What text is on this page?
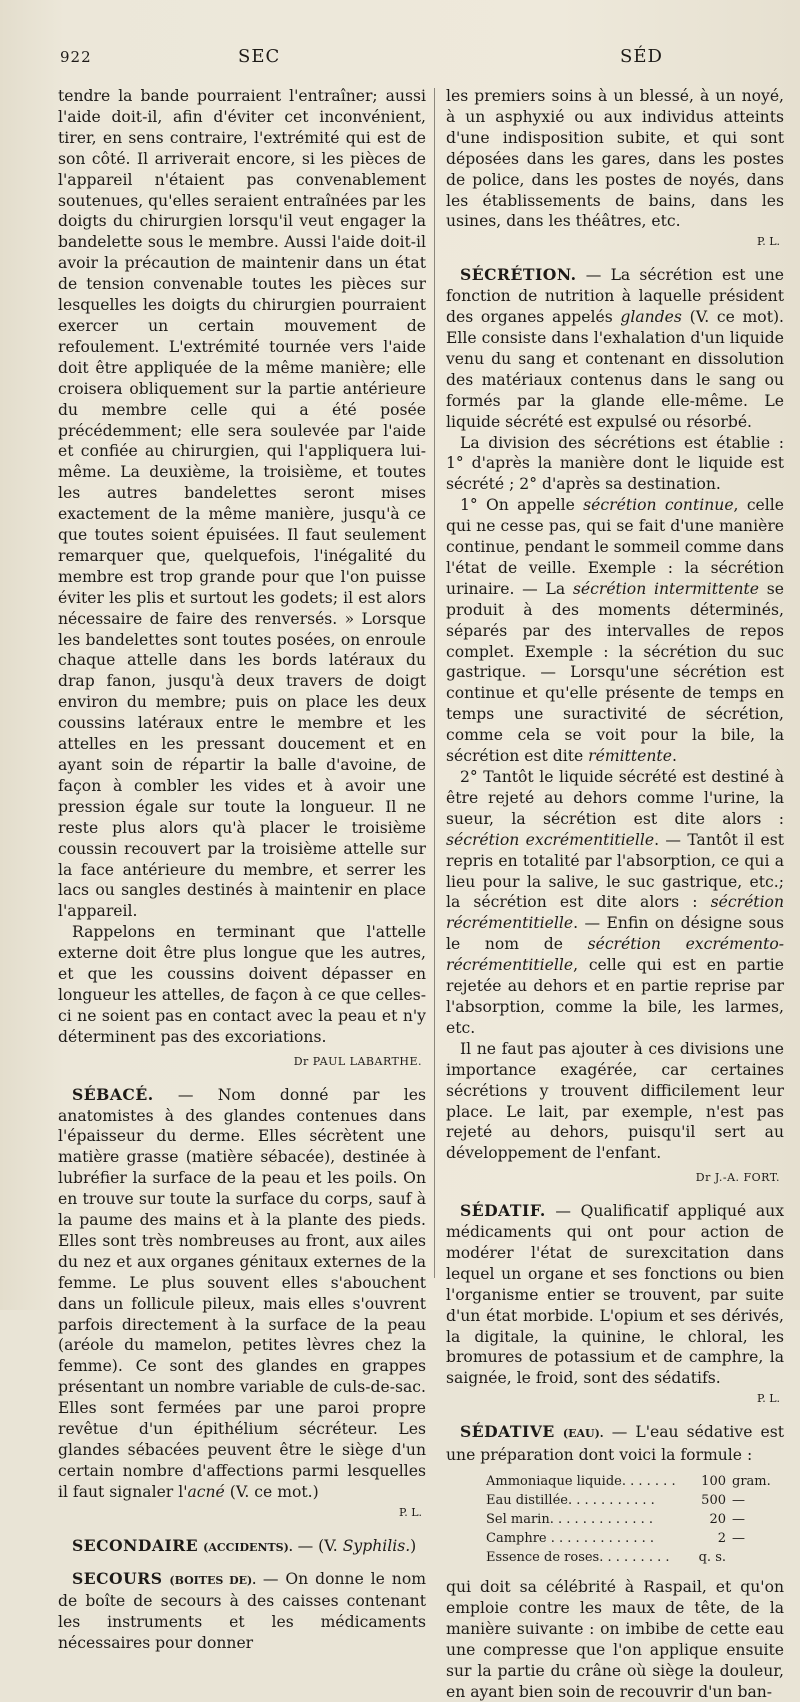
922	SEC	SÉD

tendre la bande pourraient l'entraîner; aussi l'aide doit-il, afin d'éviter cet inconvénient, tirer, en sens contraire, l'extrémité qui est de son côté. Il arriverait encore, si les pièces de l'appareil n'étaient pas convenablement soutenues, qu'elles seraient entraînées par les doigts du chirurgien lorsqu'il veut engager la bandelette sous le membre. Aussi l'aide doit-il avoir la précaution de maintenir dans un état de tension convenable toutes les pièces sur lesquelles les doigts du chirurgien pourraient exercer un certain mouvement de refoulement. L'extrémité tournée vers l'aide doit être appliquée de la même manière; elle croisera obliquement sur la partie antérieure du membre celle qui a été posée précédemment; elle sera soulevée par l'aide et confiée au chirurgien, qui l'appliquera lui-même. La deuxième, la troisième, et toutes les autres bandelettes seront mises exactement de la même manière, jusqu'à ce que toutes soient épuisées. Il faut seulement remarquer que, quelquefois, l'inégalité du membre est trop grande pour que l'on puisse éviter les plis et surtout les godets; il est alors nécessaire de faire des renversés. » Lorsque les bandelettes sont toutes posées, on enroule chaque attelle dans les bords latéraux du drap fanon, jusqu'à deux travers de doigt environ du membre; puis on place les deux coussins latéraux entre le membre et les attelles en les pressant doucement et en ayant soin de répartir la balle d'avoine, de façon à combler les vides et à avoir une pression égale sur toute la longueur. Il ne reste plus alors qu'à placer le troisième coussin recouvert par la troisième attelle sur la face antérieure du membre, et serrer les lacs ou sangles destinés à maintenir en place l'appareil.

Rappelons en terminant que l'attelle externe doit être plus longue que les autres, et que les coussins doivent dépasser en longueur les attelles, de façon à ce que celles-ci ne soient pas en contact avec la peau et n'y déterminent pas des excoriations.

Dr PAUL LABARTHE.

SÉBACÉ. — Nom donné par les anatomistes à des glandes contenues dans l'épaisseur du derme. Elles sécrètent une matière grasse (matière sébacée), destinée à lubréfier la surface de la peau et les poils. On en trouve sur toute la surface du corps, sauf à la paume des mains et à la plante des pieds. Elles sont très nombreuses au front, aux ailes du nez et aux organes génitaux externes de la femme. Le plus souvent elles s'abouchent dans un follicule pileux, mais elles s'ouvrent parfois directement à la surface de la peau (aréole du mamelon, petites lèvres chez la femme). Ce sont des glandes en grappes présentant un nombre variable de culs-de-sac. Elles sont fermées par une paroi propre revêtue d'un épithélium sécréteur. Les glandes sébacées peuvent être le siège d'un certain nombre d'affections parmi lesquelles il faut signaler l'acné (V. ce mot.)

P. L.

SECONDAIRE (ACCIDENTS). — (V. Syphilis.)

SECOURS (BOITES DE). — On donne le nom de boîte de secours à des caisses contenant les instruments et les médicaments nécessaires pour donner

les premiers soins à un blessé, à un noyé, à un asphyxié ou aux individus atteints d'une indisposition subite, et qui sont déposées dans les gares, dans les postes de police, dans les postes de noyés, dans les établissements de bains, dans les usines, dans les théâtres, etc.

P. L.

SÉCRÉTION. — La sécrétion est une fonction de nutrition à laquelle président des organes appelés glandes (V. ce mot). Elle consiste dans l'exhalation d'un liquide venu du sang et contenant en dissolution des matériaux contenus dans le sang ou formés par la glande elle-même. Le liquide sécrété est expulsé ou résorbé.

La division des sécrétions est établie : 1° d'après la manière dont le liquide est sécrété ; 2° d'après sa destination.

1° On appelle sécrétion continue, celle qui ne cesse pas, qui se fait d'une manière continue, pendant le sommeil comme dans l'état de veille. Exemple : la sécrétion urinaire. — La sécrétion intermittente se produit à des moments déterminés, séparés par des intervalles de repos complet. Exemple : la sécrétion du suc gastrique. — Lorsqu'une sécrétion est continue et qu'elle présente de temps en temps une suractivité de sécrétion, comme cela se voit pour la bile, la sécrétion est dite rémittente.

2° Tantôt le liquide sécrété est destiné à être rejeté au dehors comme l'urine, la sueur, la sécrétion est dite alors : sécrétion excrémentitielle. — Tantôt il est repris en totalité par l'absorption, ce qui a lieu pour la salive, le suc gastrique, etc.; la sécrétion est dite alors : sécrétion récrémentitielle. — Enfin on désigne sous le nom de sécrétion excrémento-récrémentitielle, celle qui est en partie rejetée au dehors et en partie reprise par l'absorption, comme la bile, les larmes, etc.

Il ne faut pas ajouter à ces divisions une importance exagérée, car certaines sécrétions y trouvent difficilement leur place. Le lait, par exemple, n'est pas rejeté au dehors, puisqu'il sert au développement de l'enfant.

Dr J.-A. FORT.

SÉDATIF. — Qualificatif appliqué aux médicaments qui ont pour action de modérer l'état de surexcitation dans lequel un organe et ses fonctions ou bien l'organisme entier se trouvent, par suite d'un état morbide. L'opium et ses dérivés, la digitale, la quinine, le chloral, les bromures de potassium et de camphre, la saignée, le froid, sont des sédatifs.

P. L.

SÉDATIVE (EAU). — L'eau sédative est une préparation dont voici la formule :

Ammoniaque liquide. . . . . . .	100 gram.
Eau distillée. . . . . . . . . . .	500 —
Sel marin. . . . . . . . . . . . .	20 —
Camphre . . . . . . . . . . . . .	2 —
Essence de roses. . . . . . . . .	q. s.

qui doit sa célébrité à Raspail, et qu'on emploie contre les maux de tête, de la manière suivante : on imbibe de cette eau une compresse que l'on applique ensuite sur la partie du crâne où siège la douleur, en ayant bien soin de recouvrir d'un ban-
